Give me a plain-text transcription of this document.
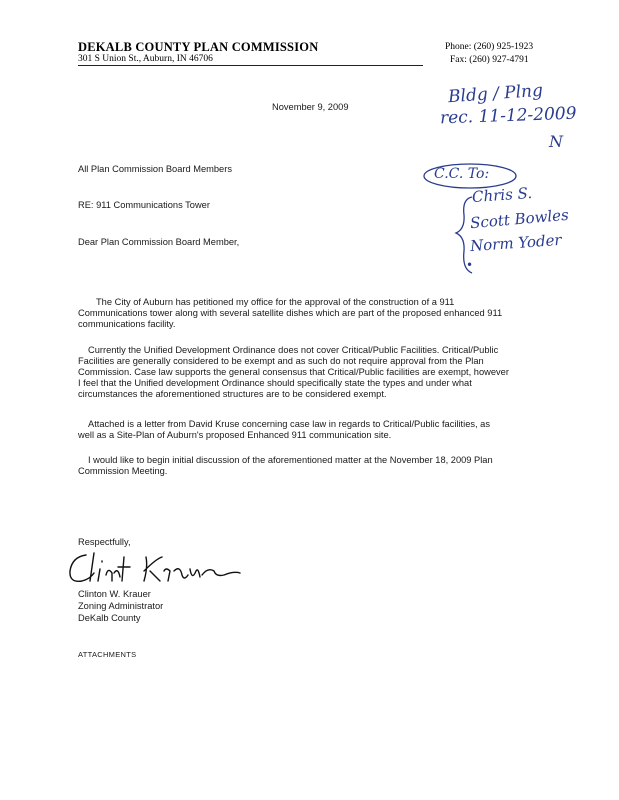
DEKALB COUNTY PLAN COMMISSION
301 S Union St., Auburn, IN 46706
Phone: (260) 925-1923
Fax: (260) 927-4791
Bldg / Plng
rec. 11-12-2009
N
C.C. To:
Chris S.
Scott Bowles
Norm Yoder
•
November 9, 2009
All Plan Commission Board Members
RE: 911 Communications Tower
Dear Plan Commission Board Member,
The City of Auburn has petitioned my office for the approval of the construction of a 911
Communications tower along with several satellite dishes which are part of the proposed enhanced 911
communications facility.
Currently the Unified Development Ordinance does not cover Critical/Public Facilities. Critical/Public
Facilities are generally considered to be exempt and as such do not require approval from the Plan
Commission. Case law supports the general consensus that Critical/Public facilities are exempt, however
I feel that the Unified development Ordinance should specifically state the types and under what
circumstances the aforementioned structures are to be considered exempt.
Attached is a letter from David Kruse concerning case law in regards to Critical/Public facilities, as
well as a Site-Plan of Auburn's proposed Enhanced 911 communication site.
I would like to begin initial discussion of the aforementioned matter at the November 18, 2009 Plan
Commission Meeting.
Respectfully,
Clinton W. Krauer
Zoning Administrator
DeKalb County
ATTACHMENTS
